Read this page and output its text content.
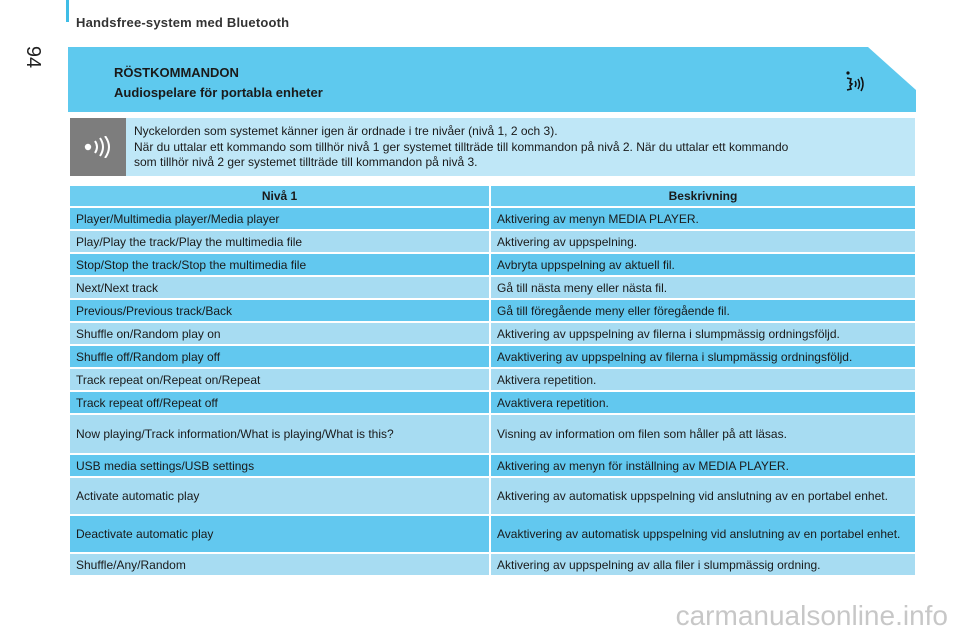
Handsfree-system med Bluetooth
94
RÖSTKOMMANDON
Audiospelare för portabla enheter
Nyckelorden som systemet känner igen är ordnade i tre nivåer (nivå 1, 2 och 3).
När du uttalar ett kommando som tillhör nivå 1 ger systemet tillträde till kommandon på nivå 2. När du uttalar ett kommando
som tillhör nivå 2 ger systemet tillträde till kommandon på nivå 3.
Nivå 1	Beskrivning
Player/Multimedia player/Media player	Aktivering av menyn MEDIA PLAYER.
Play/Play the track/Play the multimedia file	Aktivering av uppspelning.
Stop/Stop the track/Stop the multimedia file	Avbryta uppspelning av aktuell fil.
Next/Next track	Gå till nästa meny eller nästa fil.
Previous/Previous track/Back	Gå till föregående meny eller föregående fil.
Shuffle on/Random play on	Aktivering av uppspelning av filerna i slumpmässig ordningsföljd.
Shuffle off/Random play off	Avaktivering av uppspelning av filerna i slumpmässig ordningsföljd.
Track repeat on/Repeat on/Repeat	Aktivera repetition.
Track repeat off/Repeat off	Avaktivera repetition.
Now playing/Track information/What is playing/What is this?	Visning av information om filen som håller på att läsas.
USB media settings/USB settings	Aktivering av menyn för inställning av MEDIA PLAYER.
Activate automatic play	Aktivering av automatisk uppspelning vid anslutning av en portabel enhet.
Deactivate automatic play	Avaktivering av automatisk uppspelning vid anslutning av en portabel enhet.
Shuffle/Any/Random	Aktivering av uppspelning av alla filer i slumpmässig ordning.
carmanualsonline.info
